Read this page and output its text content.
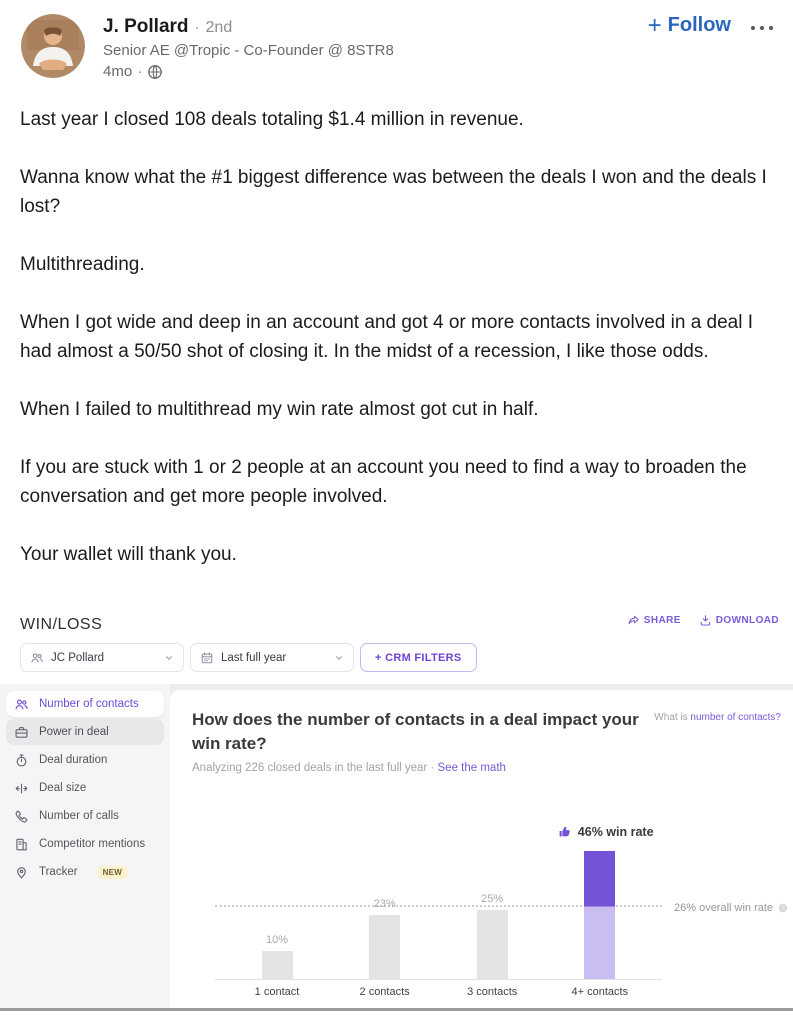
J. Pollard · 2nd
Senior AE @Tropic - Co-Founder @ 8STR8
4mo ·
+ Follow

Last year I closed 108 deals totaling $1.4 million in revenue.

Wanna know what the #1 biggest difference was between the deals I won and the deals I lost?

Multithreading.

When I got wide and deep in an account and got 4 or more contacts involved in a deal I had almost a 50/50 shot of closing it. In the midst of a recession, I like those odds.

When I failed to multithread my win rate almost got cut in half.

If you are stuck with 1 or 2 people at an account you need to find a way to broaden the conversation and get more people involved.

Your wallet will thank you.

WIN/LOSS	SHARE	DOWNLOAD
JC Pollard	Last full year	+ CRM FILTERS
Number of contacts
Power in deal
Deal duration
Deal size
Number of calls
Competitor mentions
Tracker	NEW
How does the number of contacts in a deal impact your win rate?
What is number of contacts?
Analyzing 226 closed deals in the last full year · See the math
26% overall win rate ?
10%
1 contact
23%
2 contacts
25%
3 contacts	4+ contacts
46% win rate
